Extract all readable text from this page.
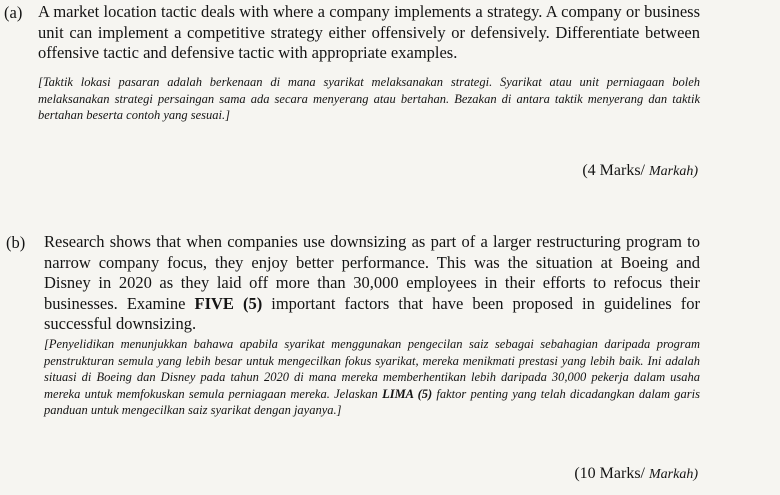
(a) A market location tactic deals with where a company implements a strategy. A company or business unit can implement a competitive strategy either offensively or defensively. Differentiate between offensive tactic and defensive tactic with appropriate examples.
[Taktik lokasi pasaran adalah berkenaan di mana syarikat melaksanakan strategi. Syarikat atau unit perniagaan boleh melaksanakan strategi persaingan sama ada secara menyerang atau bertahan. Bezakan di antara taktik menyerang dan taktik bertahan beserta contoh yang sesuai.]
(4 Marks/ Markah)
(b) Research shows that when companies use downsizing as part of a larger restructuring program to narrow company focus, they enjoy better performance. This was the situation at Boeing and Disney in 2020 as they laid off more than 30,000 employees in their efforts to refocus their businesses. Examine FIVE (5) important factors that have been proposed in guidelines for successful downsizing.
[Penyelidikan menunjukkan bahawa apabila syarikat menggunakan pengecilan saiz sebagai sebahagian daripada program penstrukturan semula yang lebih besar untuk mengecilkan fokus syarikat, mereka menikmati prestasi yang lebih baik. Ini adalah situasi di Boeing dan Disney pada tahun 2020 di mana mereka memberhentikan lebih daripada 30,000 pekerja dalam usaha mereka untuk memfokuskan semula perniagaan mereka. Jelaskan LIMA (5) faktor penting yang telah dicadangkan dalam garis panduan untuk mengecilkan saiz syarikat dengan jayanya.]
(10 Marks/ Markah)
